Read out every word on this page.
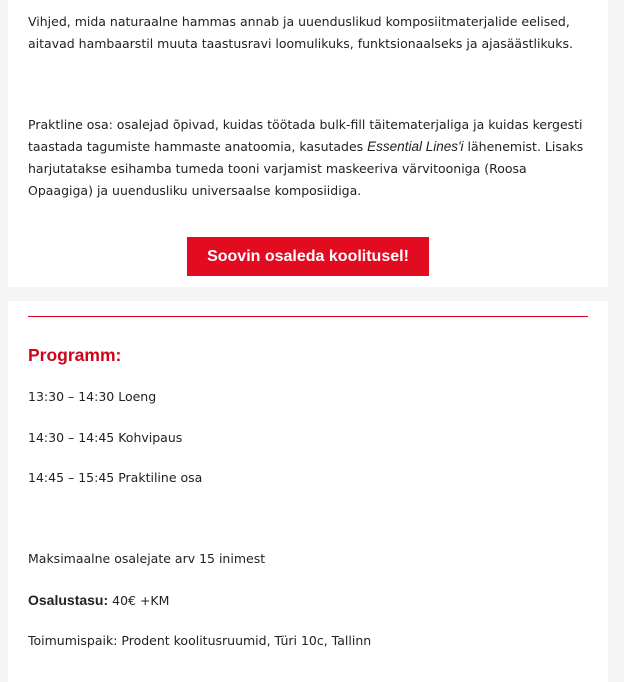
Vihjed, mida naturaalne hammas annab ja uuenduslikud komposiitmaterjalide eelised, aitavad hambaarstil muuta taastusravi loomulikuks, funktsionaalseks ja ajasäästlikuks.

Praktline osa: osalejad õpivad, kuidas töötada bulk-fill täitematerjaliga ja kuidas kergesti taastada tagumiste hammaste anatoomia, kasutades Essential Lines'i lähenemist. Lisaks harjutatakse esihamba tumeda tooni varjamist maskeeriva värvitooniga (Roosa Opaagiga) ja uuendusliku universaalse komposiidiga.

Soovin osaleda koolitusel!
Programm:

13:30 – 14:30 Loeng

14:30 – 14:45 Kohvipaus

14:45 – 15:45 Praktiline osa

Maksimaalne osalejate arv 15 inimest

Osalustasu: 40€ +KM

Toimumispaik: Prodent koolitusruumid, Türi 10c, Tallinn
